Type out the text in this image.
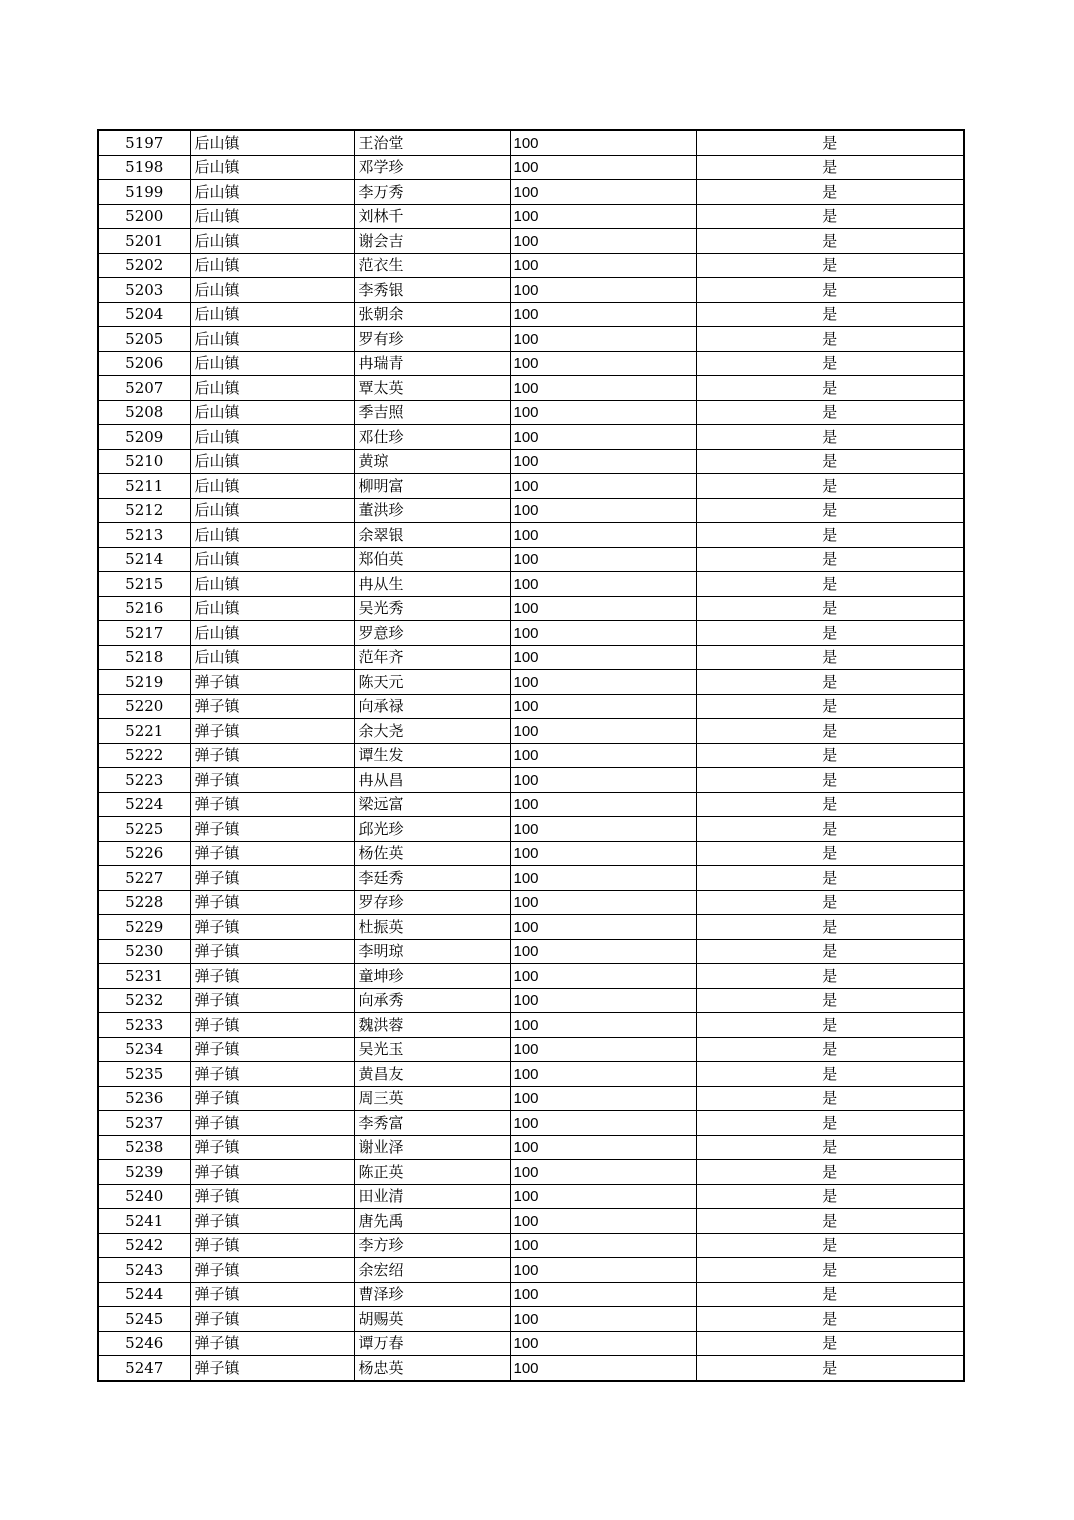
5197	后山镇	王治堂	100	是
5198	后山镇	邓学珍	100	是
5199	后山镇	李万秀	100	是
5200	后山镇	刘林千	100	是
5201	后山镇	谢会吉	100	是
5202	后山镇	范衣生	100	是
5203	后山镇	李秀银	100	是
5204	后山镇	张朝余	100	是
5205	后山镇	罗有珍	100	是
5206	后山镇	冉瑞青	100	是
5207	后山镇	覃太英	100	是
5208	后山镇	季吉照	100	是
5209	后山镇	邓仕珍	100	是
5210	后山镇	黄琼	100	是
5211	后山镇	柳明富	100	是
5212	后山镇	董洪珍	100	是
5213	后山镇	余翠银	100	是
5214	后山镇	郑伯英	100	是
5215	后山镇	冉从生	100	是
5216	后山镇	吴光秀	100	是
5217	后山镇	罗意珍	100	是
5218	后山镇	范年齐	100	是
5219	弹子镇	陈天元	100	是
5220	弹子镇	向承禄	100	是
5221	弹子镇	余大尧	100	是
5222	弹子镇	谭生发	100	是
5223	弹子镇	冉从昌	100	是
5224	弹子镇	梁远富	100	是
5225	弹子镇	邱光珍	100	是
5226	弹子镇	杨佐英	100	是
5227	弹子镇	李廷秀	100	是
5228	弹子镇	罗存珍	100	是
5229	弹子镇	杜振英	100	是
5230	弹子镇	李明琼	100	是
5231	弹子镇	童坤珍	100	是
5232	弹子镇	向承秀	100	是
5233	弹子镇	魏洪蓉	100	是
5234	弹子镇	吴光玉	100	是
5235	弹子镇	黄昌友	100	是
5236	弹子镇	周三英	100	是
5237	弹子镇	李秀富	100	是
5238	弹子镇	谢业泽	100	是
5239	弹子镇	陈正英	100	是
5240	弹子镇	田业清	100	是
5241	弹子镇	唐先禹	100	是
5242	弹子镇	李方珍	100	是
5243	弹子镇	余宏绍	100	是
5244	弹子镇	曹泽珍	100	是
5245	弹子镇	胡赐英	100	是
5246	弹子镇	谭万春	100	是
5247	弹子镇	杨忠英	100	是
